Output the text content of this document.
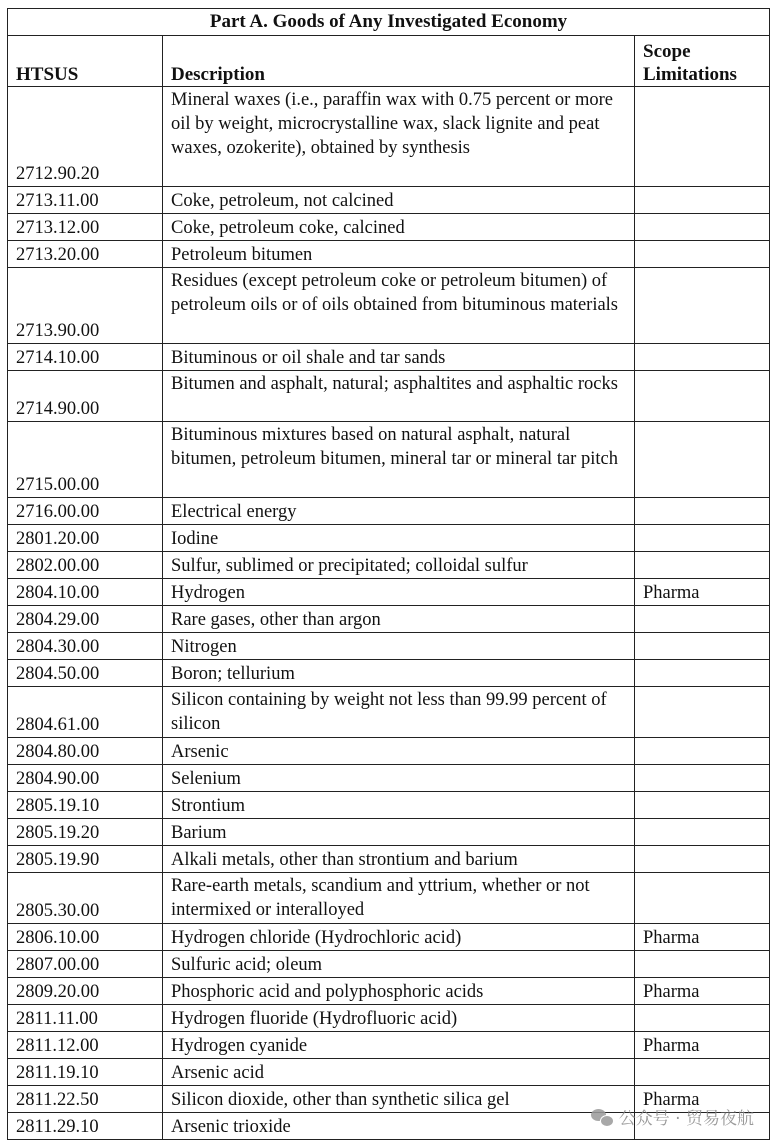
Part A. Goods of Any Investigated Economy		
HTSUS	Description	Scope Limitations
2712.90.20	Mineral waxes (i.e., paraffin wax with 0.75 percent or more oil by weight, microcrystalline wax, slack lignite and peat waxes, ozokerite), obtained by synthesis	
2713.11.00	Coke, petroleum, not calcined	
2713.12.00	Coke, petroleum coke, calcined	
2713.20.00	Petroleum bitumen	
2713.90.00	Residues (except petroleum coke or petroleum bitumen) of petroleum oils or of oils obtained from bituminous materials	
2714.10.00	Bituminous or oil shale and tar sands	
2714.90.00	Bitumen and asphalt, natural; asphaltites and asphaltic rocks	
2715.00.00	Bituminous mixtures based on natural asphalt, natural bitumen, petroleum bitumen, mineral tar or mineral tar pitch	
2716.00.00	Electrical energy	
2801.20.00	Iodine	
2802.00.00	Sulfur, sublimed or precipitated; colloidal sulfur	
2804.10.00	Hydrogen	Pharma
2804.29.00	Rare gases, other than argon	
2804.30.00	Nitrogen	
2804.50.00	Boron; tellurium	
2804.61.00	Silicon containing by weight not less than 99.99 percent of silicon	
2804.80.00	Arsenic	
2804.90.00	Selenium	
2805.19.10	Strontium	
2805.19.20	Barium	
2805.19.90	Alkali metals, other than strontium and barium	
2805.30.00	Rare-earth metals, scandium and yttrium, whether or not intermixed or interalloyed	
2806.10.00	Hydrogen chloride (Hydrochloric acid)	Pharma
2807.00.00	Sulfuric acid; oleum	
2809.20.00	Phosphoric acid and polyphosphoric acids	Pharma
2811.11.00	Hydrogen fluoride (Hydrofluoric acid)	
2811.12.00	Hydrogen cyanide	Pharma
2811.19.10	Arsenic acid	
2811.22.50	Silicon dioxide, other than synthetic silica gel	Pharma
2811.29.10	Arsenic trioxide		公众号 · 贸易夜航
